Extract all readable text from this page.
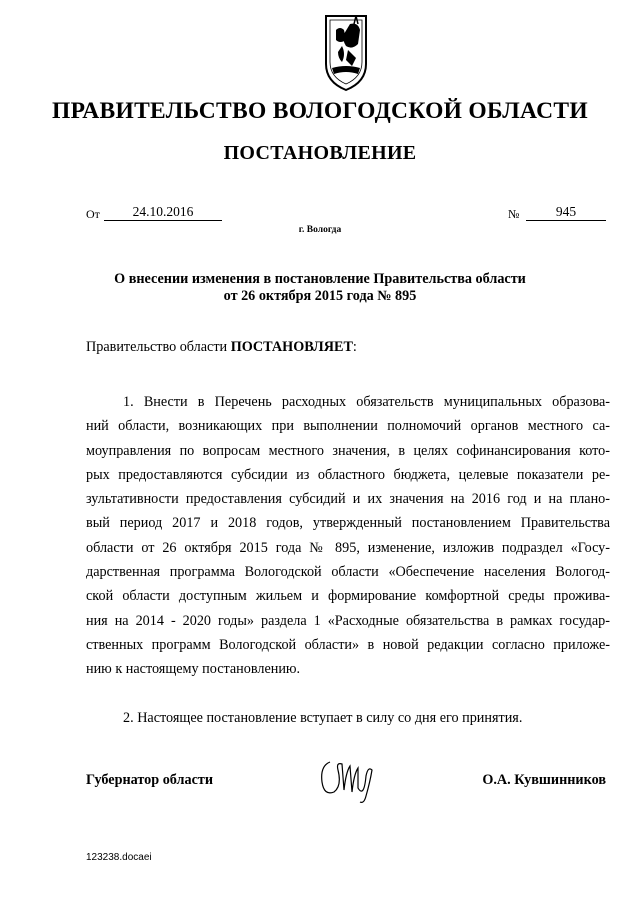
ПРАВИТЕЛЬСТВО ВОЛОГОДСКОЙ ОБЛАСТИ
ПОСТАНОВЛЕНИЕ
От	24.10.2016	№	945
г. Вологда
О внесении изменения в постановление Правительства области
от 26 октября 2015 года № 895
Правительство области ПОСТАНОВЛЯЕТ:
1. Внести в Перечень расходных обязательств муниципальных образова-
ний области, возникающих при выполнении полномочий органов местного са-
моуправления по вопросам местного значения, в целях софинансирования кото-
рых предоставляются субсидии из областного бюджета, целевые показатели ре-
зультативности предоставления субсидий и их значения на 2016 год и на плано-
вый период 2017 и 2018 годов, утвержденный постановлением Правительства
области от 26 октября 2015 года № 895, изменение, изложив подраздел «Госу-
дарственная программа Вологодской области «Обеспечение населения Вологод-
ской области доступным жильем и формирование комфортной среды прожива-
ния на 2014 - 2020 годы» раздела 1 «Расходные обязательства в рамках государ-
ственных программ Вологодской области» в новой редакции согласно приложе-
нию к настоящему постановлению.
2. Настоящее постановление вступает в силу со дня его принятия.
Губернатор области	О.А. Кувшинников
123238.docaei
